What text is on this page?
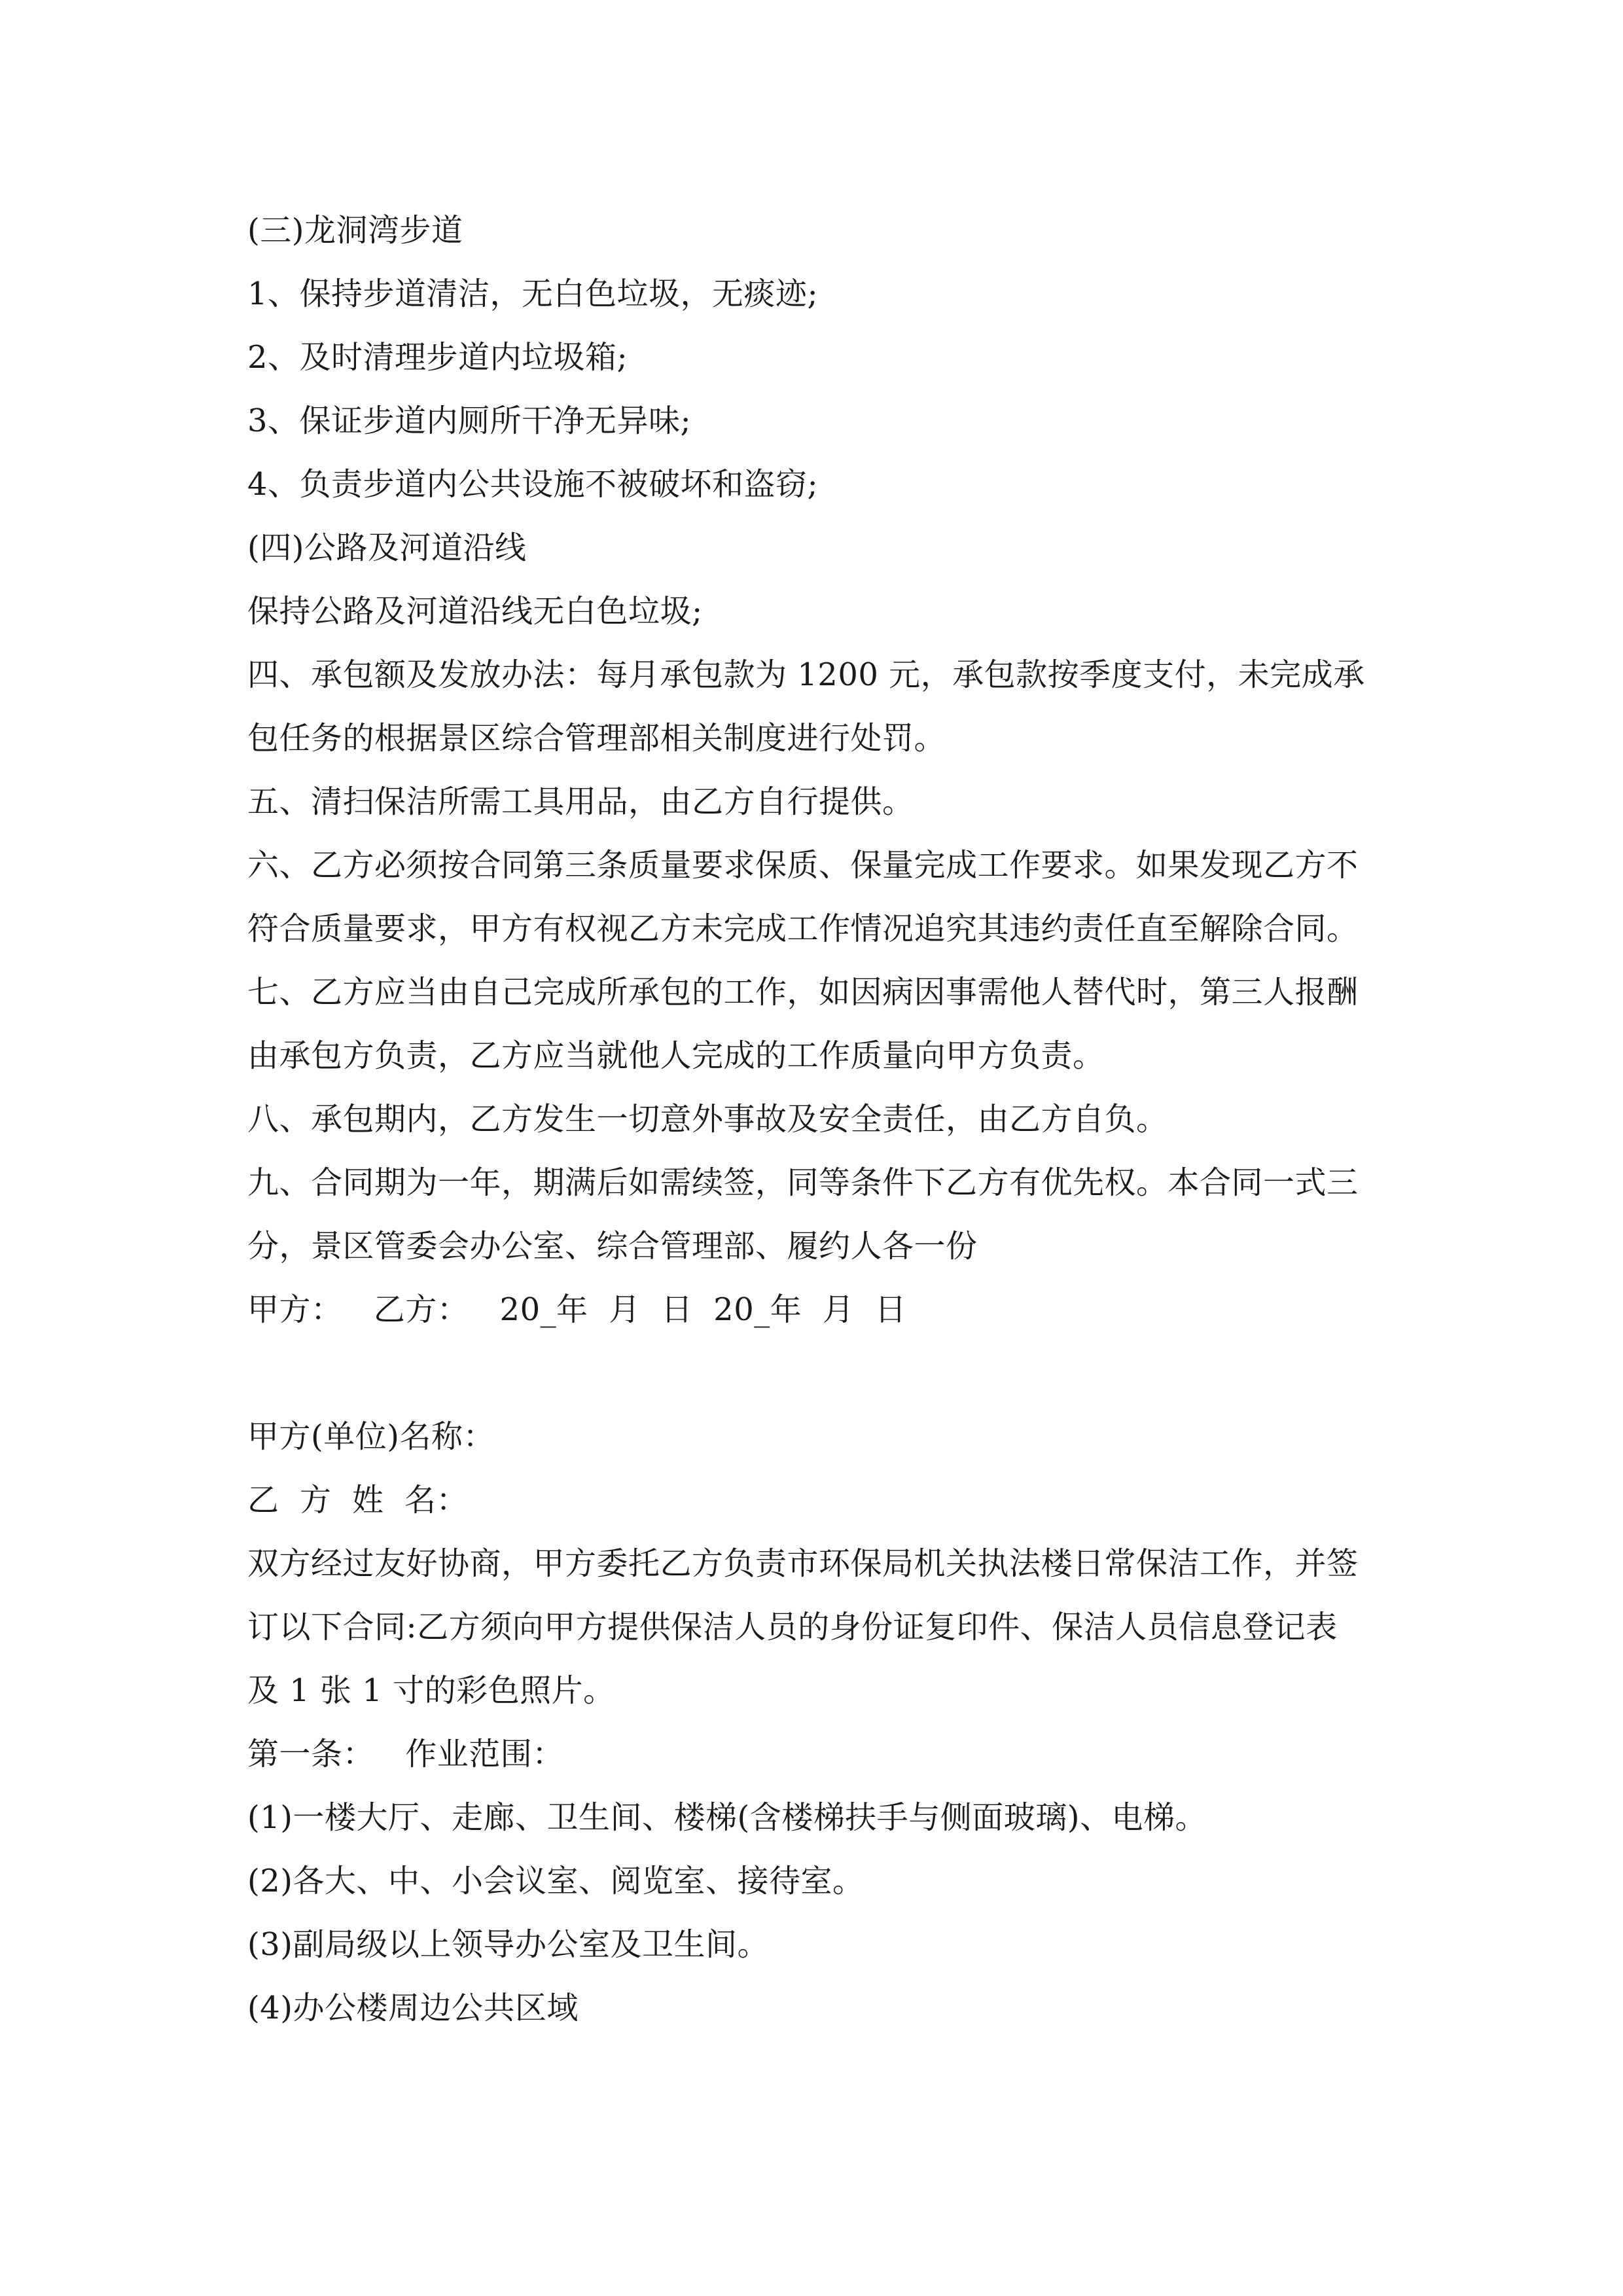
(三)龙洞湾步道

1、保持步道清洁，无白色垃圾，无痰迹;

2、及时清理步道内垃圾箱;

3、保证步道内厕所干净无异味;

4、负责步道内公共设施不被破坏和盗窃;

(四)公路及河道沿线

保持公路及河道沿线无白色垃圾;

四、承包额及发放办法：每月承包款为 1200 元，承包款按季度支付，未完成承

包任务的根据景区综合管理部相关制度进行处罚。

五、清扫保洁所需工具用品，由乙方自行提供。

六、乙方必须按合同第三条质量要求保质、保量完成工作要求。如果发现乙方不

符合质量要求，甲方有权视乙方未完成工作情况追究其违约责任直至解除合同。

七、乙方应当由自己完成所承包的工作，如因病因事需他人替代时，第三人报酬

由承包方负责，乙方应当就他人完成的工作质量向甲方负责。

八、承包期内，乙方发生一切意外事故及安全责任，由乙方自负。

九、合同期为一年，期满后如需续签，同等条件下乙方有优先权。本合同一式三

分，景区管委会办公室、综合管理部、履约人各一份

甲方：   乙方：   20_年  月  日  20_年  月  日

甲方(单位)名称：

乙  方  姓  名：

双方经过友好协商，甲方委托乙方负责市环保局机关执法楼日常保洁工作，并签

订以下合同:乙方须向甲方提供保洁人员的身份证复印件、保洁人员信息登记表

及 1 张 1 寸的彩色照片。

第一条：   作业范围：

(1)一楼大厅、走廊、卫生间、楼梯(含楼梯扶手与侧面玻璃)、电梯。

(2)各大、中、小会议室、阅览室、接待室。

(3)副局级以上领导办公室及卫生间。

(4)办公楼周边公共区域
